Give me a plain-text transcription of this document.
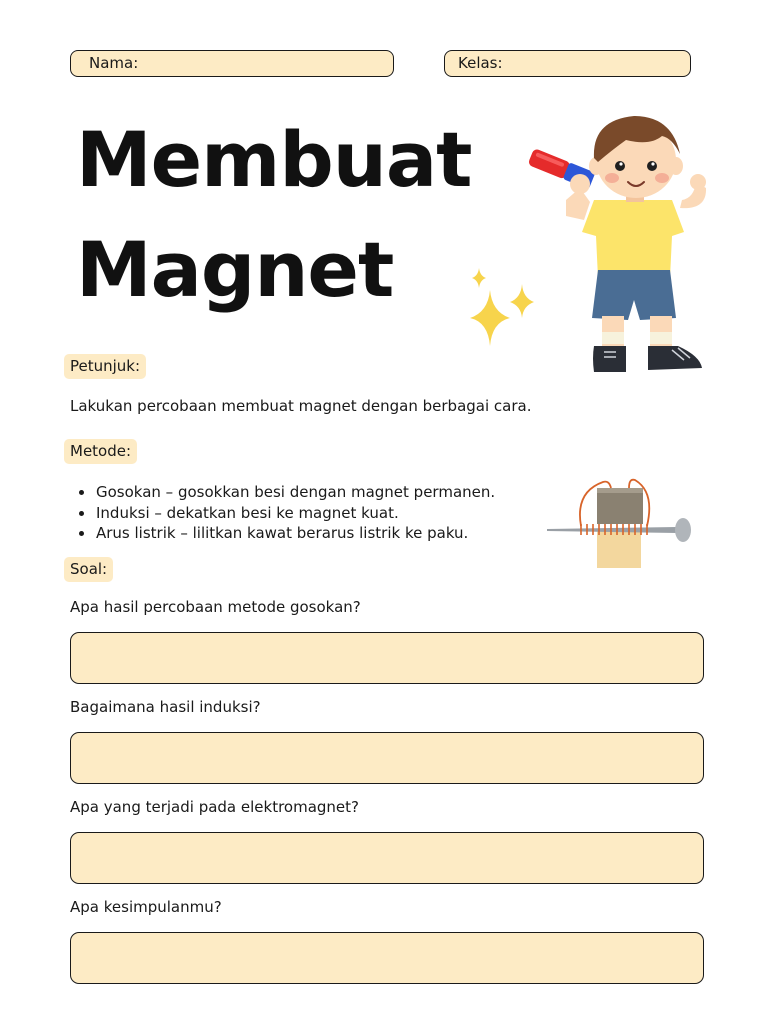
Nama:	Kelas:
Membuat
Magnet
Petunjuk:

Lakukan percobaan membuat magnet dengan berbagai cara.

Metode:
Gosokan – gosokkan besi dengan magnet permanen.
Induksi – dekatkan besi ke magnet kuat.
Arus listrik – lilitkan kawat berarus listrik ke paku.
Soal:

Apa hasil percobaan metode gosokan?

Bagaimana hasil induksi?

Apa yang terjadi pada elektromagnet?

Apa kesimpulanmu?
